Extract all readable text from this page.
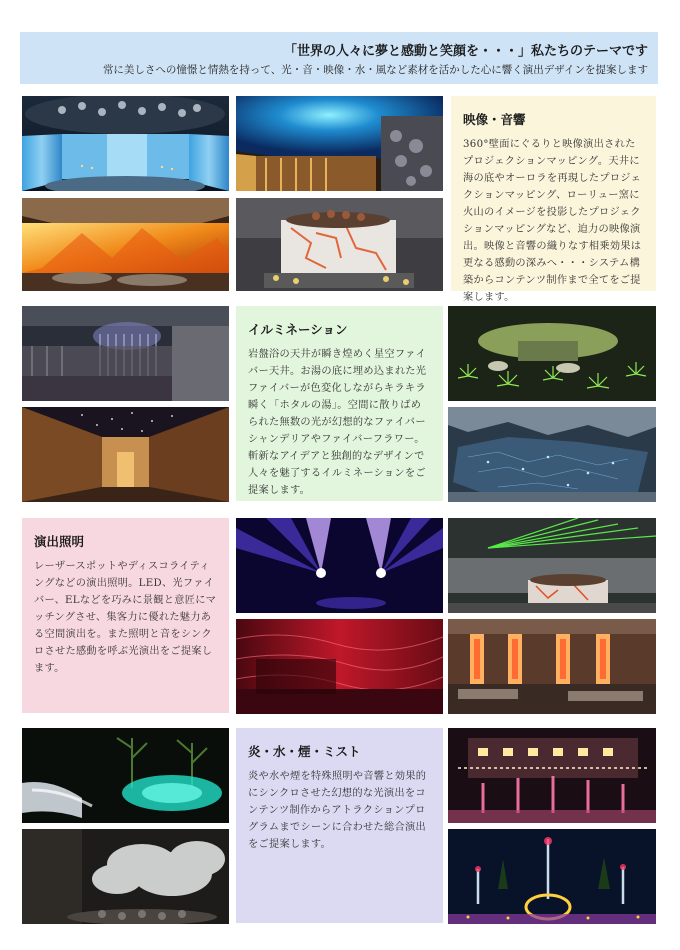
「世界の人々に夢と感動と笑顔を・・・」私たちのテーマです
常に美しさへの憧憬と情熱を持って、光・音・映像・水・風など素材を活かした心に響く演出デザインを提案します
映像・音響

360°壁面にぐるりと映像演出された プロジェクションマッピング。天井に海の底やオーロラを再現したプロジェクションマッピング、ローリュー窯に火山のイメージを投影したプロジェクションマッピングなど、迫力の映像演出。映像と音響の織りなす相乗効果は更なる感動の深みへ・・・システム構築からコンテンツ制作まで全てをご提案します。

イルミネーション

岩盤浴の天井が瞬き煌めく星空ファイバー天井。お湯の底に埋め込まれた光ファイバーが色変化しながらキラキラ瞬く「ホタルの湯」。空間に散りばめられた無数の光が幻想的なファイバーシャンデリアやファイバーフラワー。斬新なアイデアと独創的なデザインで人々を魅了するイルミネーションをご提案します。

演出照明

レーザースポットやディスコライティングなどの演出照明。LED、光ファイバー、ELなどを巧みに景観と意匠にマッチングさせ、集客力に優れた魅力ある空間演出を。また照明と音をシンクロさせた感動を呼ぶ光演出をご提案します。

炎・水・煙・ミスト

炎や水や煙を特殊照明や音響と効果的にシンクロさせた幻想的な光演出をコンテンツ制作からアトラクションプログラムまでシーンに合わせた総合演出をご提案します。
